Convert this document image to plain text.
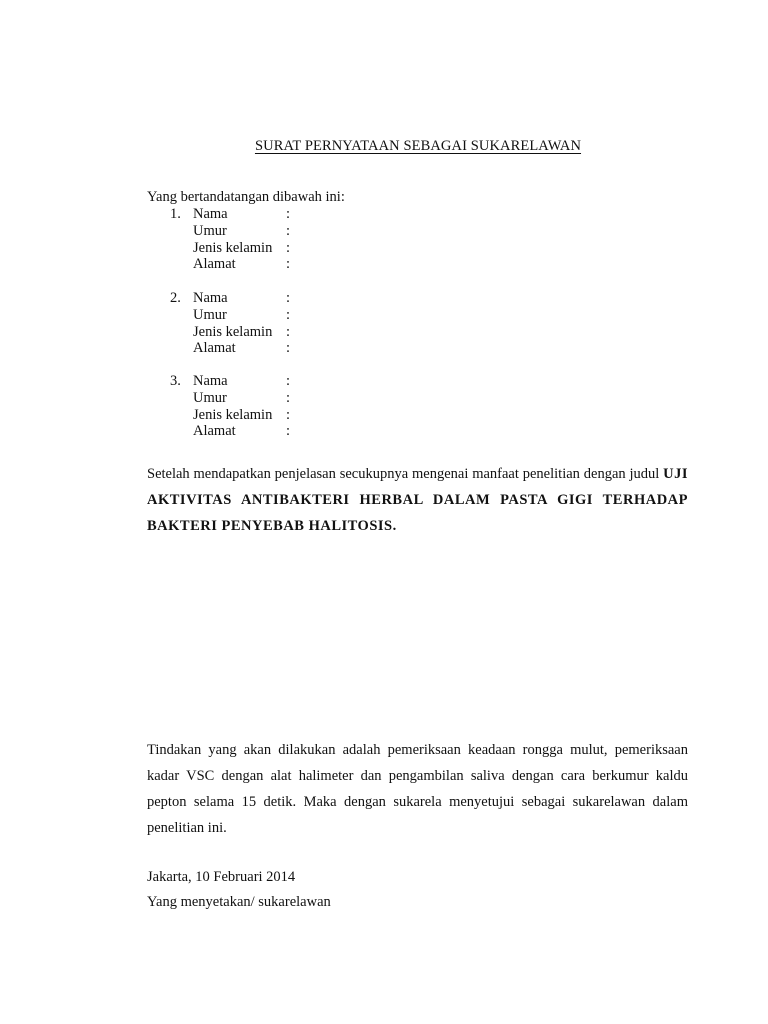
SURAT PERNYATAAN SEBAGAI SUKARELAWAN
Yang bertandatangan dibawah ini:
1. Nama	:
Umur	:
Jenis kelamin :
Alamat	:
2. Nama	:
Umur	:
Jenis kelamin :
Alamat	:
3. Nama	:
Umur	:
Jenis kelamin :
Alamat	:
Setelah mendapatkan penjelasan secukupnya mengenai manfaat penelitian dengan judul UJI AKTIVITAS ANTIBAKTERI HERBAL DALAM PASTA GIGI TERHADAP BAKTERI PENYEBAB HALITOSIS.
Tindakan yang akan dilakukan adalah pemeriksaan keadaan rongga mulut, pemeriksaan kadar VSC dengan alat halimeter dan pengambilan saliva dengan cara berkumur kaldu pepton selama 15 detik. Maka dengan sukarela menyetujui sebagai sukarelawan dalam penelitian ini.
Jakarta, 10 Februari 2014
Yang menyetakan/ sukarelawan
